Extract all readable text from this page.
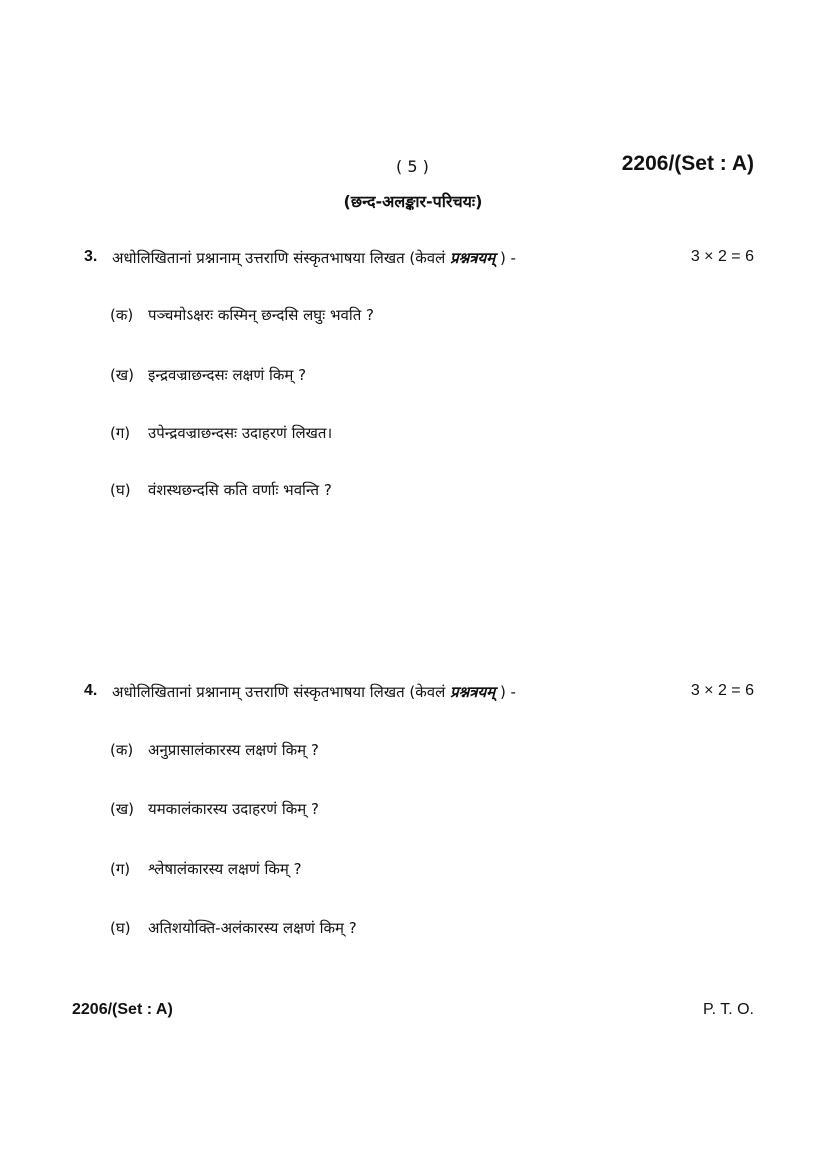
( 5 )	2206/(Set : A)
(छन्द-अलङ्कार-परिचयः)
3. अधोलिखितानां प्रश्नानाम् उत्तराणि संस्कृतभाषया लिखत (केवलं प्रश्नत्रयम् ) -	3 × 2 = 6
(क) पञ्चमोऽक्षरः कस्मिन् छन्दसि लघुः भवति ?
(ख) इन्द्रवज्राछन्दसः लक्षणं किम् ?
(ग) उपेन्द्रवज्राछन्दसः उदाहरणं लिखत।
(घ) वंशस्थछन्दसि कति वर्णाः भवन्ति ?
4. अधोलिखितानां प्रश्नानाम् उत्तराणि संस्कृतभाषया लिखत (केवलं प्रश्नत्रयम् ) -	3 × 2 = 6
(क) अनुप्रासालंकारस्य लक्षणं किम् ?
(ख) यमकालंकारस्य उदाहरणं किम् ?
(ग) श्लेषालंकारस्य लक्षणं किम् ?
(घ) अतिशयोक्ति-अलंकारस्य लक्षणं किम् ?
2206/(Set : A)	P. T. O.
